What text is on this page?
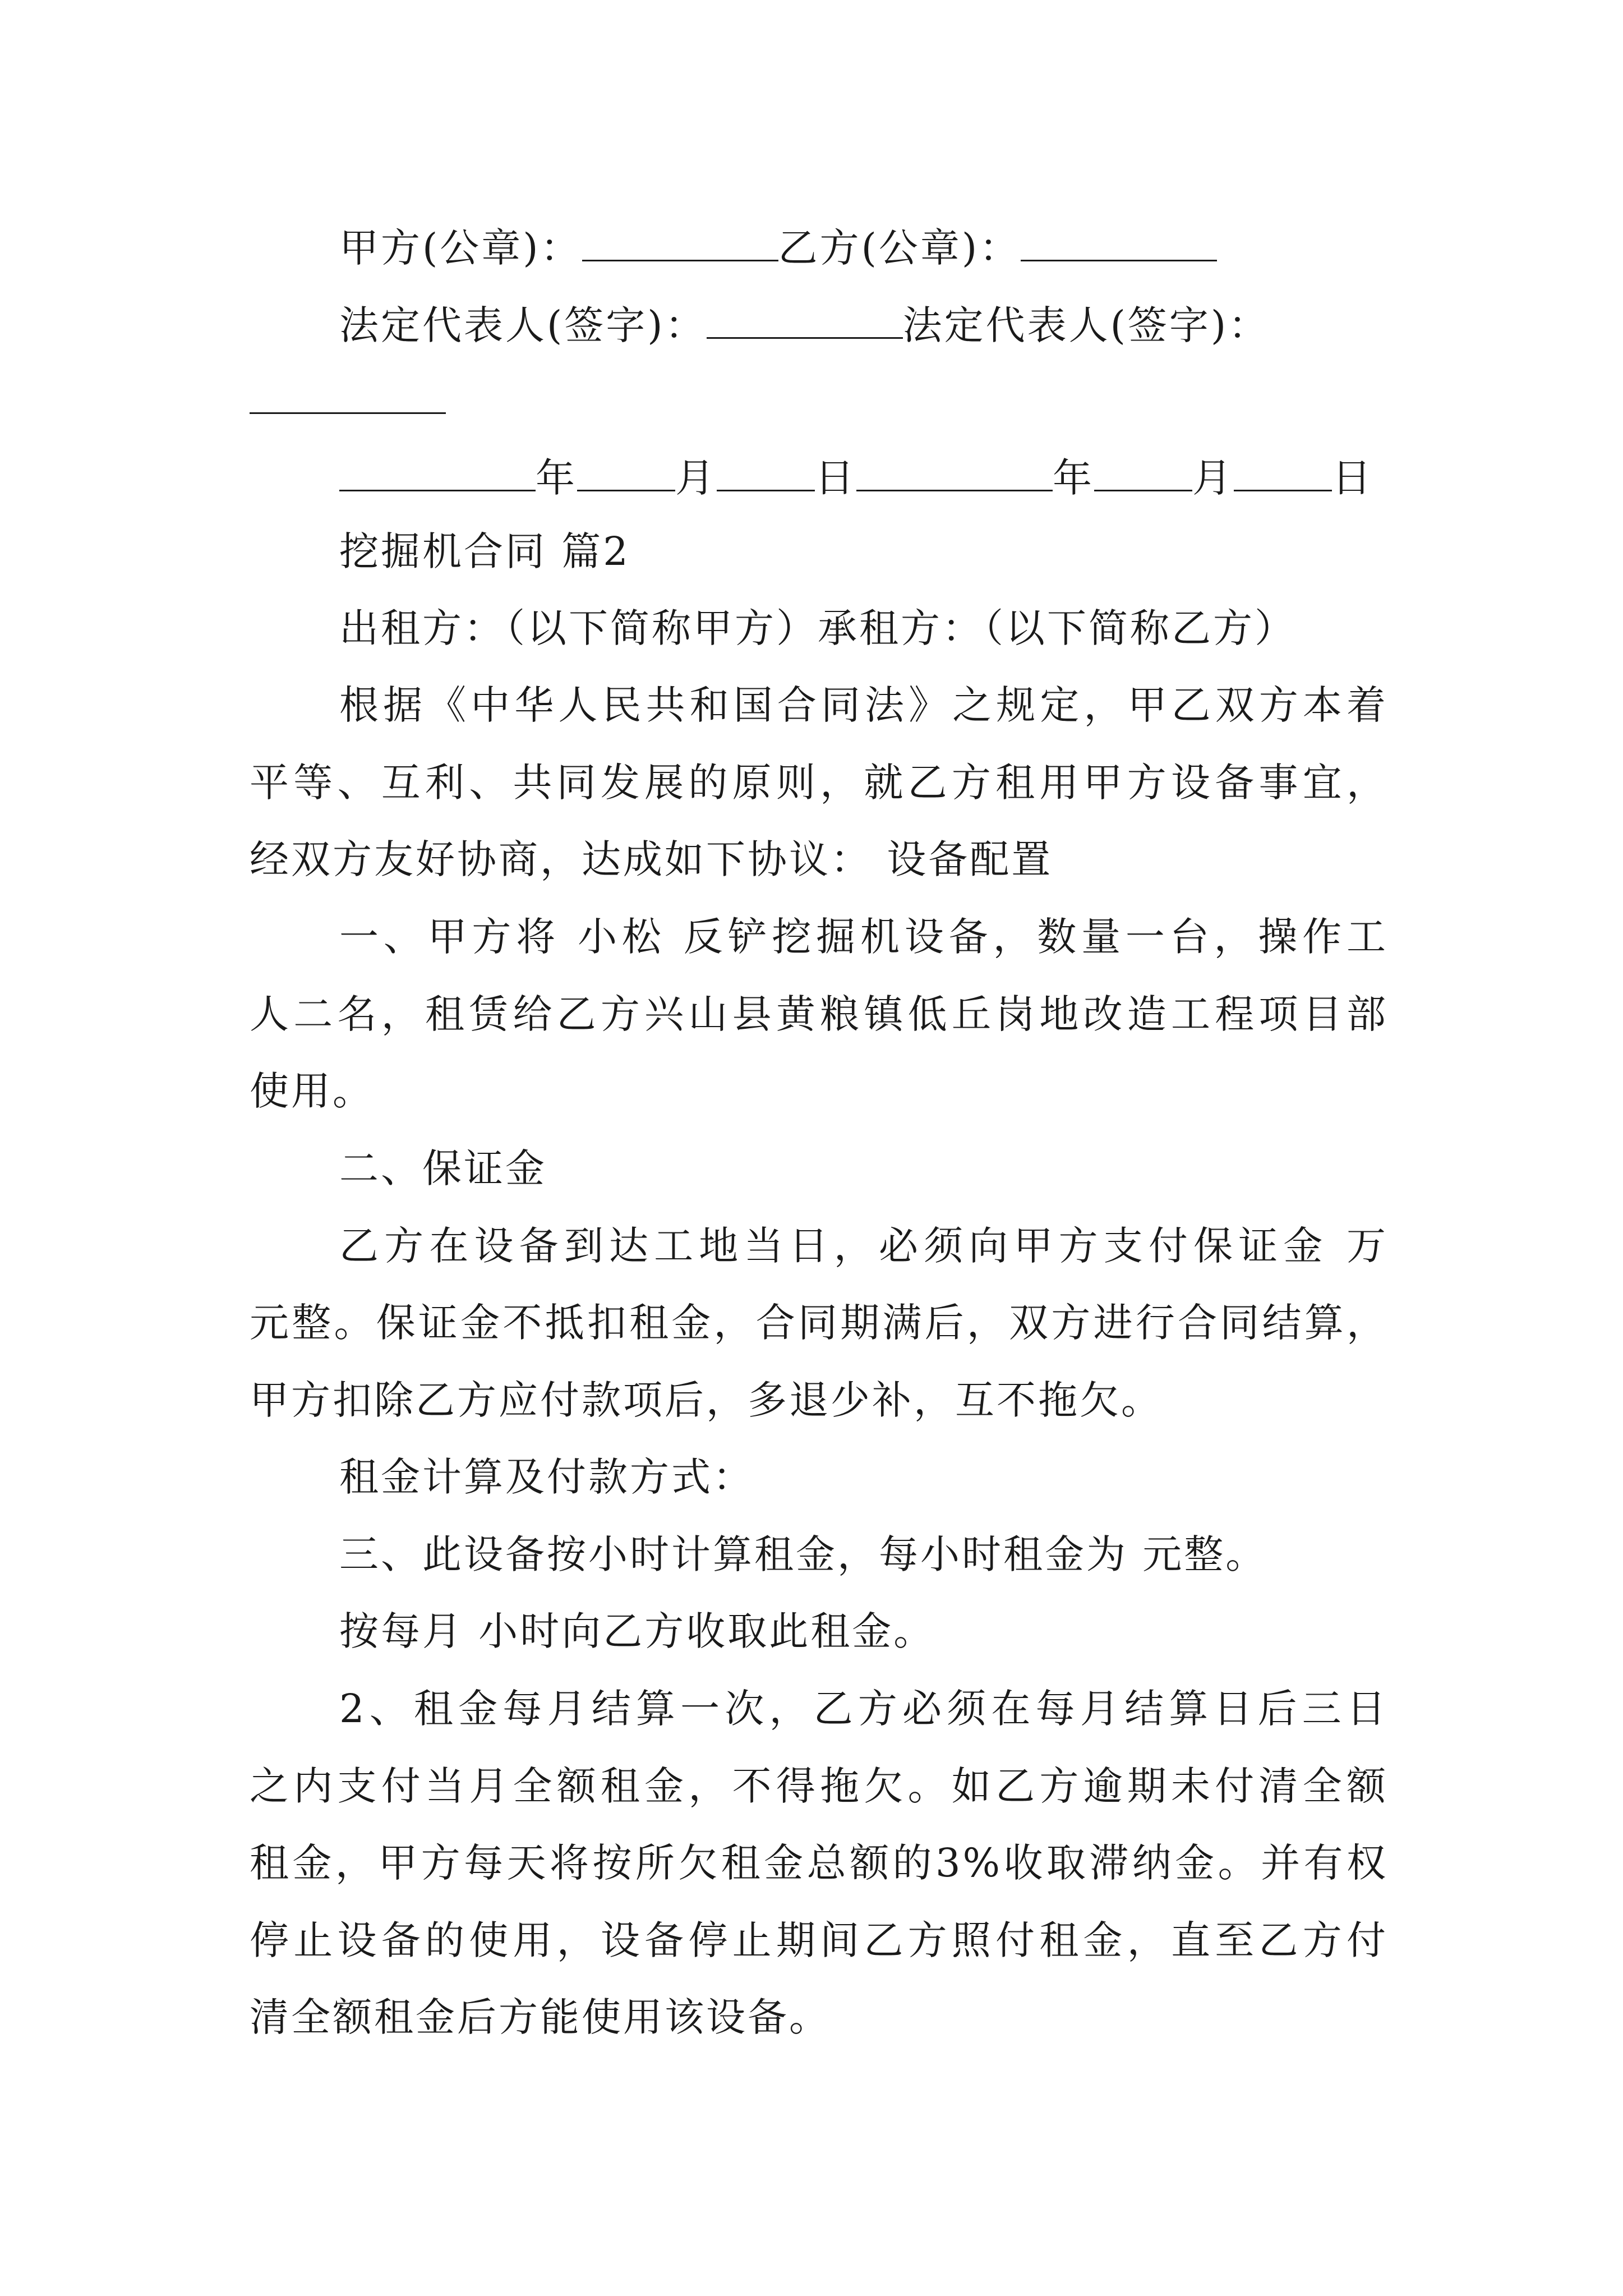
甲方(公章)：	乙方(公章)：
法定代表人(签字)：	法定代表人(签字)：
年	月	日	年	月	日
挖掘机合同 篇2
出租方：（以下简称甲方）承租方：（以下简称乙方）
根据《中华人民共和国合同法》之规定，甲乙双方本着
平等、互利、共同发展的原则，就乙方租用甲方设备事宜，
经双方友好协商，达成如下协议： 设备配置
一、甲方将 小松 反铲挖掘机设备，数量一台，操作工
人二名，租赁给乙方兴山县黄粮镇低丘岗地改造工程项目部
使用。
二、保证金
乙方在设备到达工地当日，必须向甲方支付保证金 万
元整。保证金不抵扣租金，合同期满后，双方进行合同结算，
甲方扣除乙方应付款项后，多退少补，互不拖欠。
租金计算及付款方式：
三、此设备按小时计算租金，每小时租金为 元整。
按每月 小时向乙方收取此租金。
2、租金每月结算一次，乙方必须在每月结算日后三日
之内支付当月全额租金，不得拖欠。如乙方逾期未付清全额
租金，甲方每天将按所欠租金总额的3%收取滞纳金。并有权
停止设备的使用，设备停止期间乙方照付租金，直至乙方付
清全额租金后方能使用该设备。
